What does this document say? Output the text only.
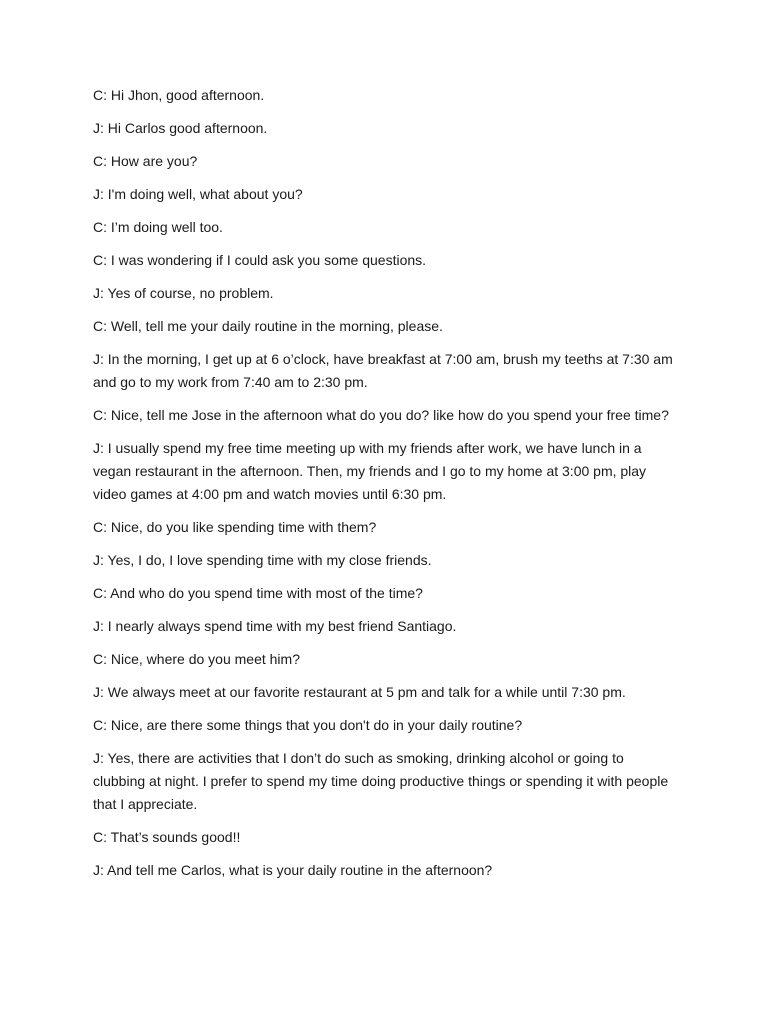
C: Hi Jhon, good afternoon.

J: Hi Carlos good afternoon.

C: How are you?

J: I'm doing well, what about you?

C: I’m doing well too.

C: I was wondering if I could ask you some questions.

J: Yes of course, no problem.

C: Well, tell me your daily routine in the morning, please.

J: In the morning, I get up at 6 o’clock, have breakfast at 7:00 am, brush my teeths at 7:30 am and go to my work from 7:40 am to 2:30 pm.

C: Nice, tell me Jose in the afternoon what do you do? like how do you spend your free time?

J: I usually spend my free time meeting up with my friends after work, we have lunch in a vegan restaurant in the afternoon. Then, my friends and I go to my home at 3:00 pm, play video games at 4:00 pm and watch movies until 6:30 pm.

C: Nice, do you like spending time with them?

J: Yes, I do, I love spending time with my close friends.

C: And who do you spend time with most of the time?

J: I nearly always spend time with my best friend Santiago.

C: Nice, where do you meet him?

J: We always meet at our favorite restaurant at 5 pm and talk for a while until 7:30 pm.

C: Nice, are there some things that you don't do in your daily routine?

J: Yes, there are activities that I don’t do such as smoking, drinking alcohol or going to clubbing at night. I prefer to spend my time doing productive things or spending it with people that I appreciate.

C: That’s sounds good!!

J: And tell me Carlos, what is your daily routine in the afternoon?
